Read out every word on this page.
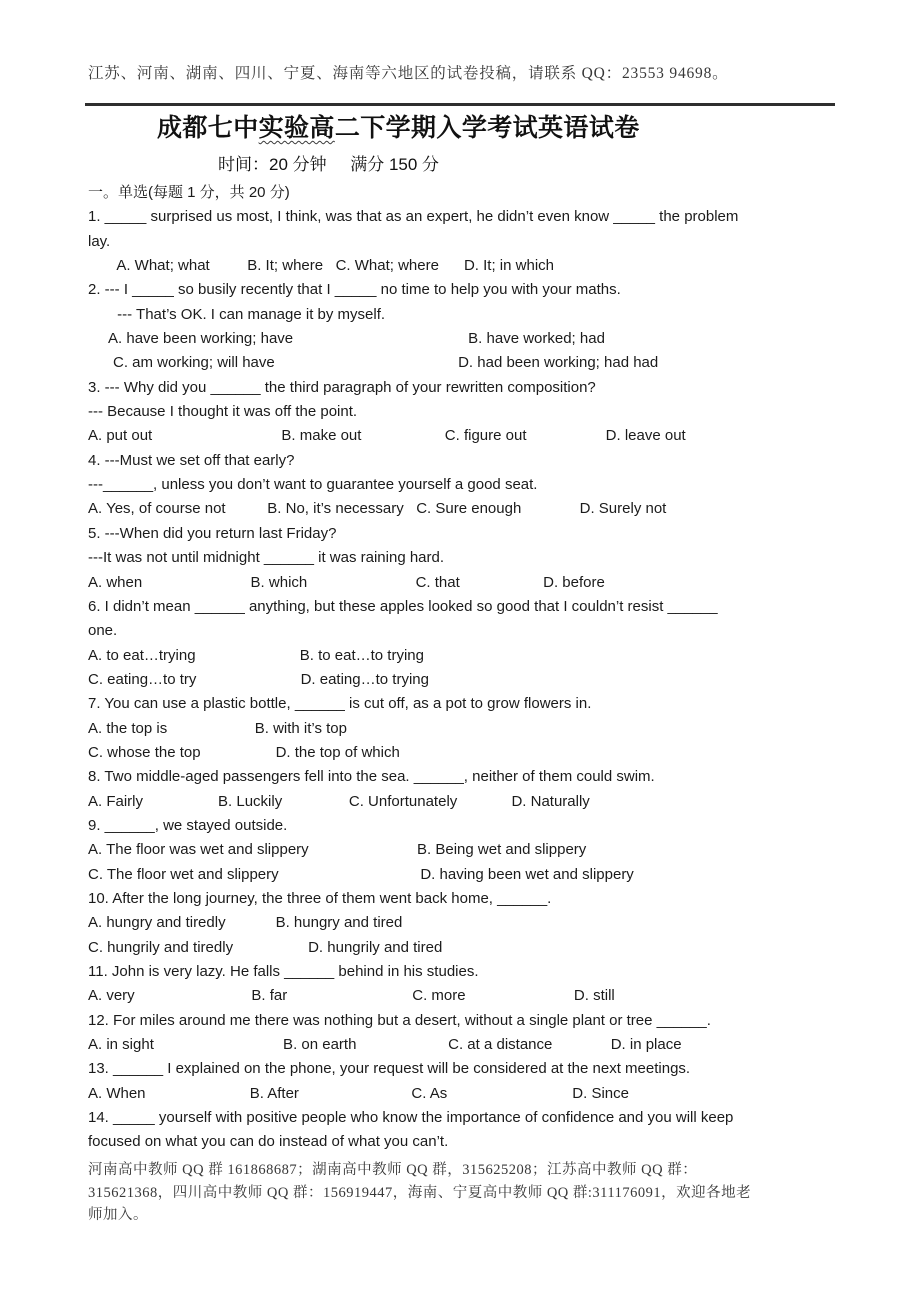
江苏、河南、湖南、四川、宁夏、海南等六地区的试卷投稿，请联系 QQ：23553 94698。
成都七中实验高二下学期入学考试英语试卷
时间：20 分钟     满分 150 分
一。单选(每题 1 分，共 20 分)
1. _____ surprised us most, I think, was that as an expert, he didn’t even know _____ the problem
lay.
A. What; what         B. It; where   C. What; where      D. It; in which
2. --- I _____ so busily recently that I _____ no time to help you with your maths.
--- That’s OK. I can manage it by myself.
A. have been working; have                                          B. have worked; had
C. am working; will have                                            D. had been working; had had
3. --- Why did you ______ the third paragraph of your rewritten composition?
--- Because I thought it was off the point.
A. put out                               B. make out                    C. figure out                   D. leave out
4. ---Must we set off that early?
---______, unless you don’t want to guarantee yourself a good seat.
A. Yes, of course not          B. No, it’s necessary   C. Sure enough              D. Surely not
5. ---When did you return last Friday?
---It was not until midnight ______ it was raining hard.
A. when                          B. which                          C. that                    D. before
6. I didn’t mean ______ anything, but these apples looked so good that I couldn’t resist ______
one.
A. to eat…trying                         B. to eat…to trying
C. eating…to try                         D. eating…to trying
7. You can use a plastic bottle, ______ is cut off, as a pot to grow flowers in.
A. the top is                     B. with it’s top
C. whose the top                  D. the top of which
8. Two middle-aged passengers fell into the sea. ______, neither of them could swim.
A. Fairly                  B. Luckily                C. Unfortunately             D. Naturally
9. ______, we stayed outside.
A. The floor was wet and slippery                          B. Being wet and slippery
C. The floor wet and slippery                                  D. having been wet and slippery
10. After the long journey, the three of them went back home, ______.
A. hungry and tiredly            B. hungry and tired
C. hungrily and tiredly                  D. hungrily and tired
11. John is very lazy. He falls ______ behind in his studies.
A. very                            B. far                              C. more                          D. still
12. For miles around me there was nothing but a desert, without a single plant or tree ______.
A. in sight                               B. on earth                      C. at a distance              D. in place
13. ______ I explained on the phone, your request will be considered at the next meetings.
A. When                         B. After                           C. As                              D. Since
14. _____ yourself with positive people who know the importance of confidence and you will keep
focused on what you can do instead of what you can’t.
河南高中教师 QQ 群 161868687；湖南高中教师 QQ 群，315625208；江苏高中教师 QQ 群：
315621368，四川高中教师 QQ 群：156919447，海南、宁夏高中教师 QQ 群:311176091，欢迎各地老
师加入。
